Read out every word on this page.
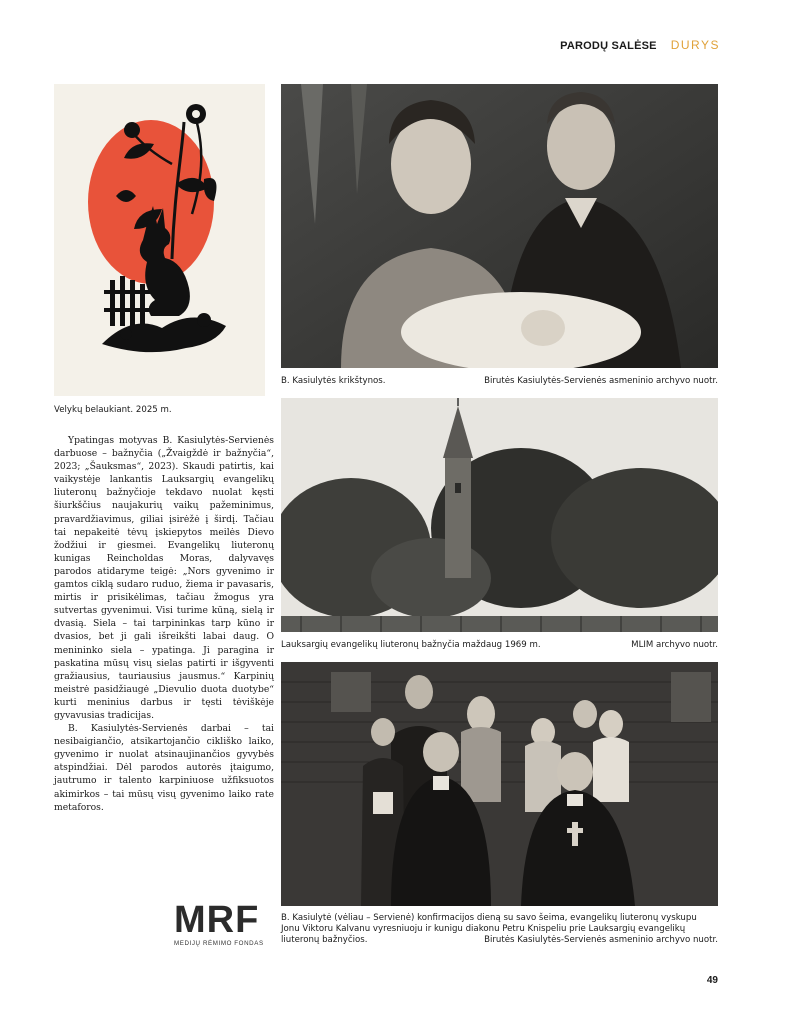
PARODŲ SALĖSE DURYS
Velykų belaukiant. 2025 m.
B. Kasiulytės krikštynos.	Birutės Kasiulytės-Servienės asmeninio archyvo nuotr.
Lauksargių evangelikų liuteronų bažnyčia maždaug 1969 m.	MLIM archyvo nuotr.
B. Kasiulytė (vėliau – Servienė) konfirmacijos dieną su savo šeima, evangelikų liuteronų vyskupu
Jonu Viktoru Kalvanu vyresniuoju ir kunigu diakonu Petru Knispeliu prie Lauksargių evangelikų
liuteronų bažnyčios.	Birutės Kasiulytės-Servienės asmeninio archyvo nuotr.

Ypatingas motyvas B. Kasiulytės-Servienės darbuose – bažnyčia („Žvaigždė ir bažnyčia“, 2023; „Šauksmas“, 2023). Skaudi patirtis, kai vaikystėje lankantis Lauksargių evangelikų liuteronų bažnyčioje tekdavo nuolat kęsti šiurkščius naujakurių vaikų pažeminimus, pravardžiavimus, giliai įsirėžė į širdį. Tačiau tai nepakeitė tėvų įskiepytos meilės Dievo žodžiui ir giesmei. Evangelikų liuteronų kunigas Reincholdas Moras, dalyvavęs parodos atidaryme teigė: „Nors gyvenimo ir gamtos ciklą sudaro ruduo, žiema ir pavasaris, mirtis ir prisikėlimas, tačiau žmogus yra sutvertas gyvenimui. Visi turime kūną, sielą ir dvasią. Siela – tai tarpininkas tarp kūno ir dvasios, bet ji gali išreikšti labai daug. O menininko siela – ypatinga. Ji paragina ir paskatina mūsų visų sielas patirti ir išgyventi gražiausius, tauriausius jausmus.“ Karpinių meistrė pasidžiaugė „Dievulio duota duotybe“ kurti meninius darbus ir tęsti tėviškėje gyvavusias tradicijas.

B. Kasiulytės-Servienės darbai – tai nesibaigiančio, atsikartojančio cikliško laiko, gyvenimo ir nuolat atsinaujinančios gyvybės atspindžiai. Dėl parodos autorės įtaigumo, jautrumo ir talento karpiniuose užfiksuotos akimirkos – tai mūsų visų gyvenimo laiko rate metaforos.

MRF
MEDIJŲ RĖMIMO FONDAS
49
